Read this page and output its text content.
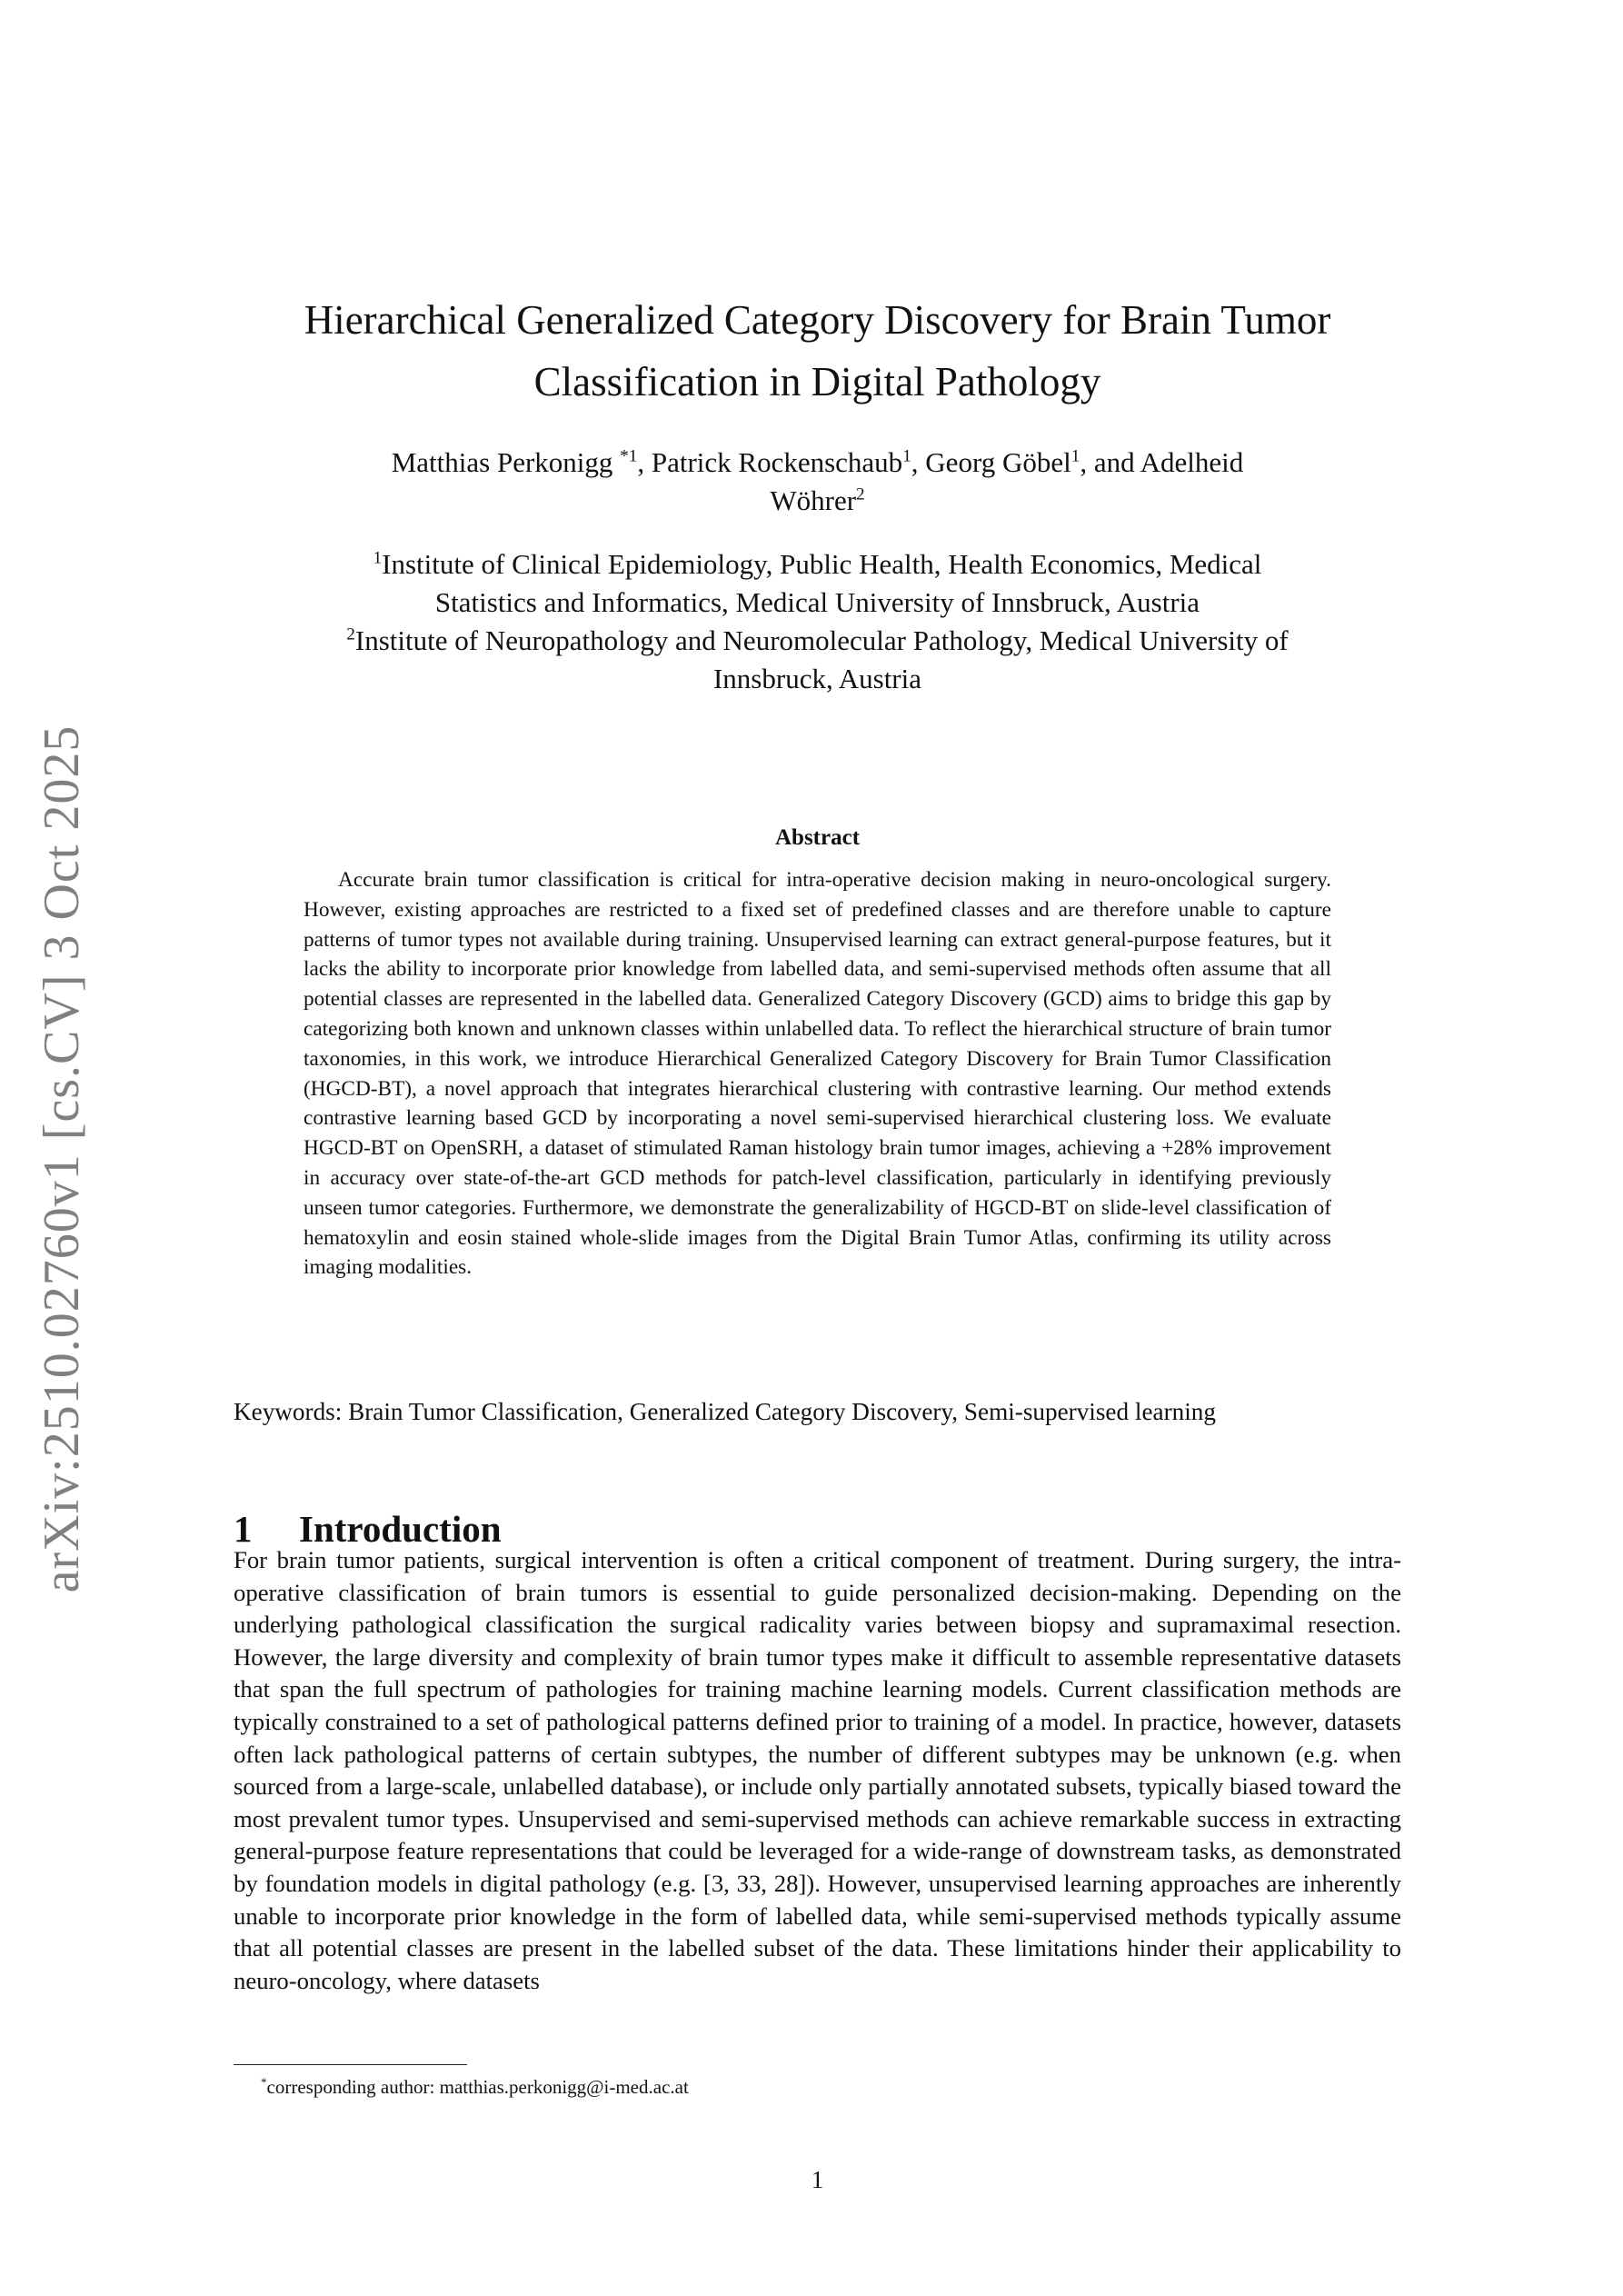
arXiv:2510.02760v1 [cs.CV] 3 Oct 2025
Hierarchical Generalized Category Discovery for Brain Tumor
Classification in Digital Pathology
Matthias Perkonigg $^{*1}$, Patrick Rockenschaub$^1$, Georg Göbel$^1$, and Adelheid
Wöhrer$^2$
$^1$Institute of Clinical Epidemiology, Public Health, Health Economics, Medical
Statistics and Informatics, Medical University of Innsbruck, Austria
$^2$Institute of Neuropathology and Neuromolecular Pathology, Medical University of
Innsbruck, Austria
Abstract

Accurate brain tumor classification is critical for intra-operative decision making in neuro-oncological surgery. However, existing approaches are restricted to a fixed set of predefined classes and are therefore unable to capture patterns of tumor types not available during training. Unsupervised learning can extract general-purpose features, but it lacks the ability to incorporate prior knowledge from labelled data, and semi-supervised methods often assume that all potential classes are represented in the labelled data. Generalized Category Discovery (GCD) aims to bridge this gap by categorizing both known and unknown classes within unlabelled data. To reflect the hierarchical structure of brain tumor taxonomies, in this work, we introduce Hierarchical Generalized Category Discovery for Brain Tumor Classification (HGCD-BT), a novel approach that integrates hierarchical clustering with contrastive learning. Our method extends contrastive learning based GCD by incorporating a novel semi-supervised hierarchical clustering loss. We evaluate HGCD-BT on OpenSRH, a dataset of stimulated Raman histology brain tumor images, achieving a +28% improvement in accuracy over state-of-the-art GCD methods for patch-level classification, particularly in identifying previously unseen tumor categories. Furthermore, we demonstrate the generalizability of HGCD-BT on slide-level classification of hematoxylin and eosin stained whole-slide images from the Digital Brain Tumor Atlas, confirming its utility across imaging modalities.

Keywords: Brain Tumor Classification, Generalized Category Discovery, Semi-supervised learning
1 Introduction

For brain tumor patients, surgical intervention is often a critical component of treatment. During surgery, the intra-operative classification of brain tumors is essential to guide personalized decision-making. Depending on the underlying pathological classification the surgical radicality varies between biopsy and supramaximal resection. However, the large diversity and complexity of brain tumor types make it difficult to assemble representative datasets that span the full spectrum of pathologies for training machine learning models. Current classification methods are typically constrained to a set of pathological patterns defined prior to training of a model. In practice, however, datasets often lack pathological patterns of certain subtypes, the number of different subtypes may be unknown (e.g. when sourced from a large-scale, unlabelled database), or include only partially annotated subsets, typically biased toward the most prevalent tumor types. Unsupervised and semi-supervised methods can achieve remarkable success in extracting general-purpose feature representations that could be leveraged for a wide-range of downstream tasks, as demonstrated by foundation models in digital pathology (e.g. [3, 33, 28]). However, unsupervised learning approaches are inherently unable to incorporate prior knowledge in the form of labelled data, while semi-supervised methods typically assume that all potential classes are present in the labelled subset of the data. These limitations hinder their applicability to neuro-oncology, where datasets

*corresponding author: matthias.perkonigg@i-med.ac.at
1
